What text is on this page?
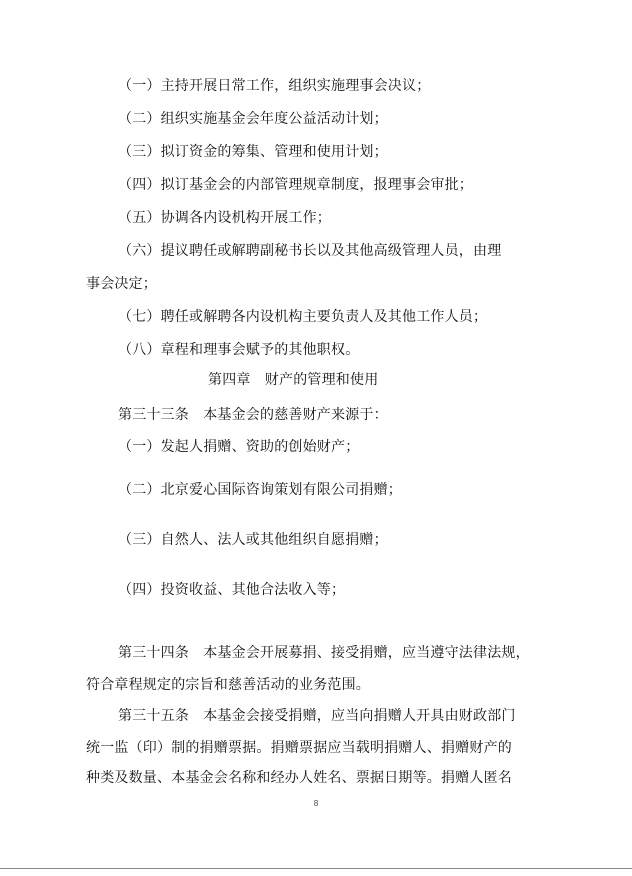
（一）主持开展日常工作，组织实施理事会决议；
（二）组织实施基金会年度公益活动计划；
（三）拟订资金的筹集、管理和使用计划；
（四）拟订基金会的内部管理规章制度，报理事会审批；
（五）协调各内设机构开展工作；
（六）提议聘任或解聘副秘书长以及其他高级管理人员，由理
事会决定；
（七）聘任或解聘各内设机构主要负责人及其他工作人员；
（八）章程和理事会赋予的其他职权。
第四章　财产的管理和使用
第三十三条　本基金会的慈善财产来源于：
（一）发起人捐赠、资助的创始财产；
（二）北京爱心国际咨询策划有限公司捐赠；
（三）自然人、法人或其他组织自愿捐赠；
（四）投资收益、其他合法收入等；
第三十四条　本基金会开展募捐、接受捐赠，应当遵守法律法规，
符合章程规定的宗旨和慈善活动的业务范围。
第三十五条　本基金会接受捐赠，应当向捐赠人开具由财政部门
统一监（印）制的捐赠票据。捐赠票据应当载明捐赠人、捐赠财产的
种类及数量、本基金会名称和经办人姓名、票据日期等。捐赠人匿名
8
